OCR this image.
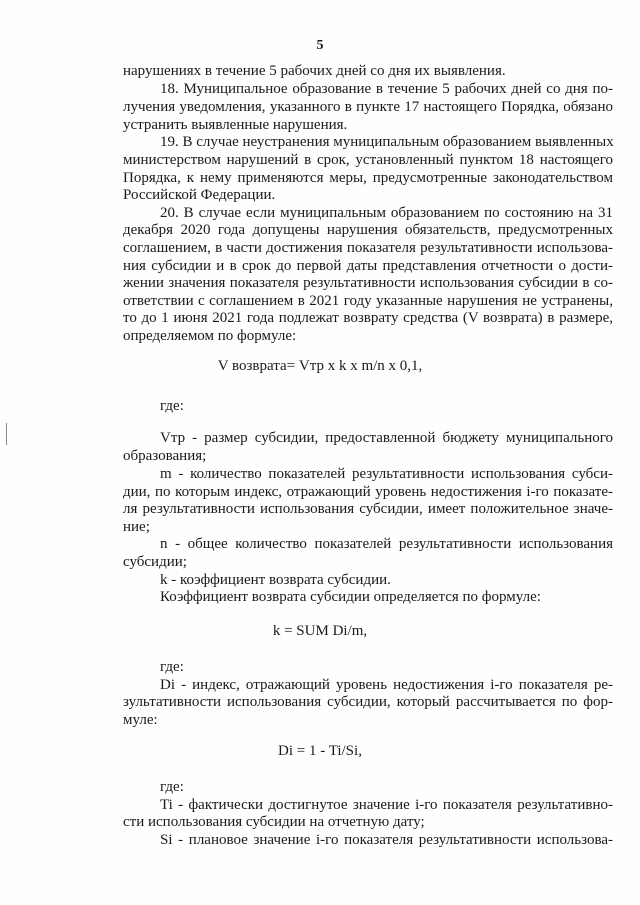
5
нарушениях в течение 5 рабочих дней со дня их выявления.
18. Муниципальное образование в течение 5 рабочих дней со дня по-
лучения уведомления, указанного в пункте 17 настоящего Порядка, обязано
устранить выявленные нарушения.
19. В случае неустранения муниципальным образованием выявленных
министерством нарушений в срок, установленный пунктом 18 настоящего
Порядка, к нему применяются меры, предусмотренные законодательством
Российской Федерации.
20. В случае если муниципальным образованием по состоянию на 31
декабря 2020 года допущены нарушения обязательств, предусмотренных
соглашением, в части достижения показателя результативности использова-
ния субсидии и в срок до первой даты представления отчетности о дости-
жении значения показателя результативности использования субсидии в со-
ответствии с соглашением в 2021 году указанные нарушения не устранены,
то до 1 июня 2021 года подлежат возврату средства (V возврата) в размере,
определяемом по формуле:
V возврата= Vтр x k x m/n x 0,1,
где:
Vтр - размер субсидии, предоставленной бюджету муниципального
образования;
m - количество показателей результативности использования субси-
дии, по которым индекс, отражающий уровень недостижения i-го показате-
ля результативности использования субсидии, имеет положительное значе-
ние;
n - общее количество показателей результативности использования
субсидии;
k - коэффициент возврата субсидии.
Коэффициент возврата субсидии определяется по формуле:
k = SUM Di/m,
где:
Di - индекс, отражающий уровень недостижения i-го показателя ре-
зультативности использования субсидии, который рассчитывается по фор-
муле:
Di = 1 - Ti/Si,
где:
Ti - фактически достигнутое значение i-го показателя результативно-
сти использования субсидии на отчетную дату;
Si - плановое значение i-го показателя результативности использова-
